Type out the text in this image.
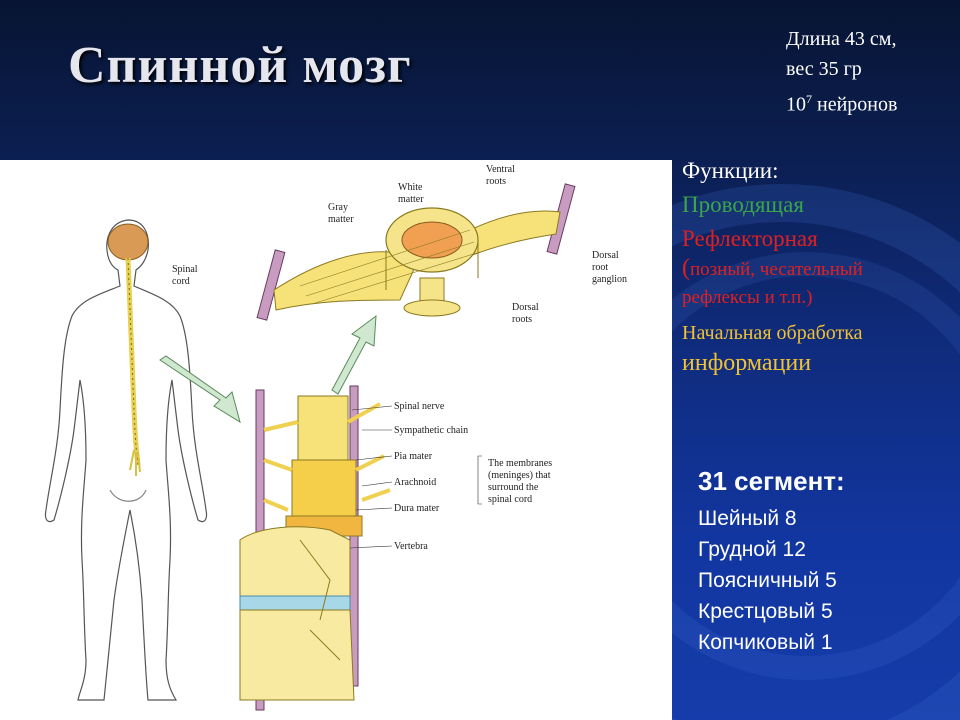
Спинной мозг	Длина 43 см,
вес 35 гр
$10^7$ нейронов
Spinal
cord
Gray
matter
White
matter
Ventral
roots
Dorsal
root
ganglion
Dorsal
roots
Spinal nerve
Sympathetic chain
Pia mater
Arachnoid
Dura mater
Vertebra
The membranes
(meninges) that
surround the
spinal cord
Функции:
Проводящая
Рефлекторная
(позный, чесательный
рефлексы и т.п.)
Начальная обработка
информации
31 сегмент:
Шейный 8
Грудной 12
Поясничный 5
Крестцовый 5
Копчиковый 1
